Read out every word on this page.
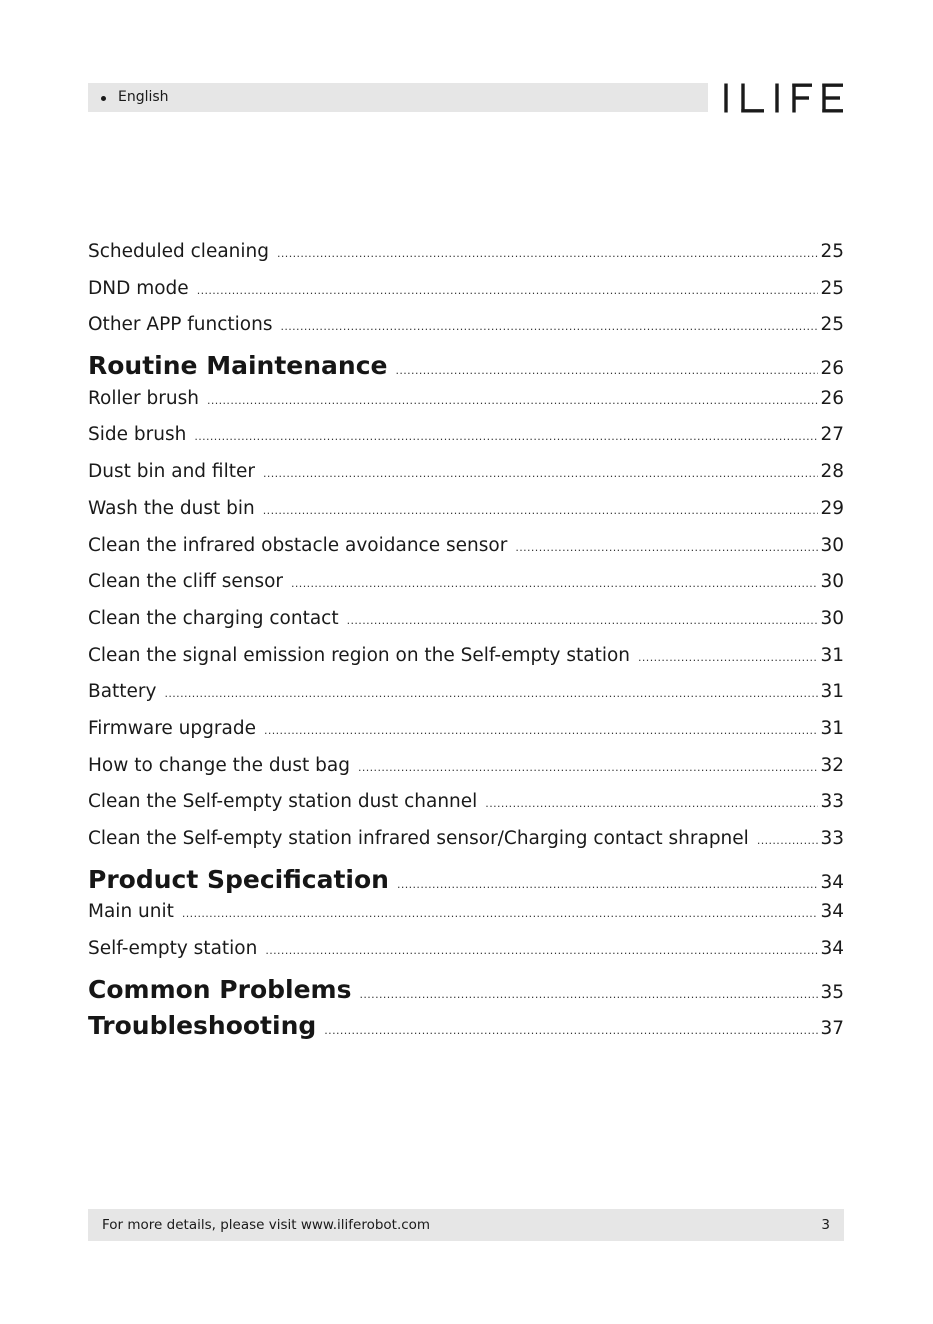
English
Scheduled cleaning .....	25
DND mode .....	25
Other APP functions .....	25
Routine Maintenance .....	26
Roller brush .....	26
Side brush .....	27
Dust bin and filter .....	28
Wash the dust bin .....	29
Clean the infrared obstacle avoidance sensor .....	30
Clean the cliff sensor .....	30
Clean the charging contact .....	30
Clean the signal emission region on the Self-empty station .....	31
Battery .....	31
Firmware upgrade .....	31
How to change the dust bag .....	32
Clean the Self-empty station dust channel .....	33
Clean the Self-empty station infrared sensor/Charging contact shrapnel .....	33
Product Specification .....	34
Main unit .....	34
Self-empty station .....	34
Common Problems .....	35
Troubleshooting .....	37
For more details, please visit www.iliferobot.com	3
